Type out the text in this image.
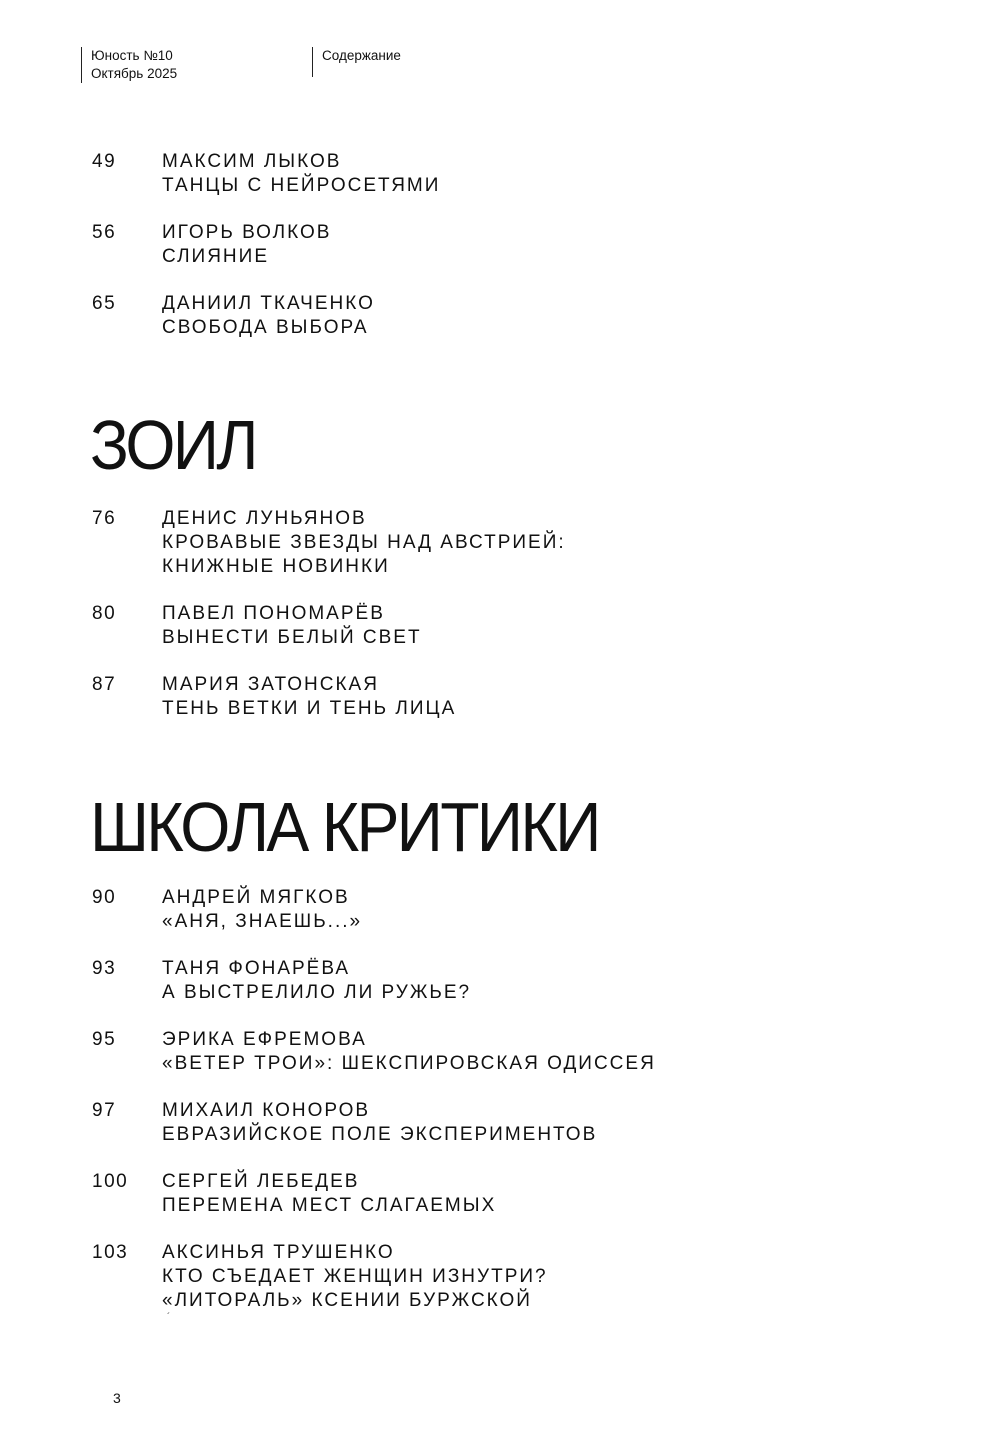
Юность №10
Октябрь 2025
Содержание
49 МАКСИМ ЛЫКОВ
ТАНЦЫ С НЕЙРОСЕТЯМИ
56 ИГОРЬ ВОЛКОВ
СЛИЯНИЕ
65 ДАНИИЛ ТКАЧЕНКО
СВОБОДА ВЫБОРА
ЗОИЛ
76 ДЕНИС ЛУНЬЯНОВ
КРОВАВЫЕ ЗВЕЗДЫ НАД АВСТРИЕЙ:
КНИЖНЫЕ НОВИНКИ
80 ПАВЕЛ ПОНОМАРЁВ
ВЫНЕСТИ БЕЛЫЙ СВЕТ
87 МАРИЯ ЗАТОНСКАЯ
ТЕНЬ ВЕТКИ И ТЕНЬ ЛИЦА
ШКОЛА КРИТИКИ
90 АНДРЕЙ МЯГКОВ
«АНЯ, ЗНАЕШЬ...»
93 ТАНЯ ФОНАРЁВА
А ВЫСТРЕЛИЛО ЛИ РУЖЬЕ?
95 ЭРИКА ЕФРЕМОВА
«ВЕТЕР ТРОИ»: ШЕКСПИРОВСКАЯ ОДИССЕЯ
97 МИХАИЛ КОНОРОВ
ЕВРАЗИЙСКОЕ ПОЛЕ ЭКСПЕРИМЕНТОВ
100 СЕРГЕЙ ЛЕБЕДЕВ
ПЕРЕМЕНА МЕСТ СЛАГАЕМЫХ
103 АКСИНЬЯ ТРУШЕНКО
КТО СЪЕДАЕТ ЖЕНЩИН ИЗНУТРИ?
«ЛИТОРАЛЬ» КСЕНИИ БУРЖСКОЙ
´
3
